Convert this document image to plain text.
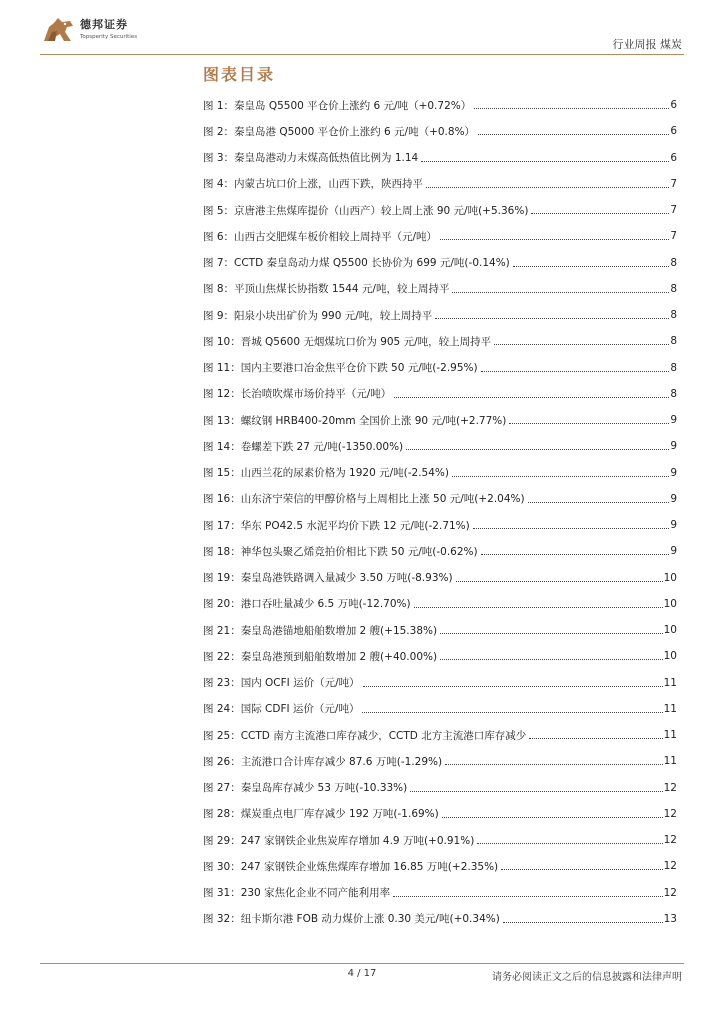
德邦证券
Topsperity Securities
行业周报 煤炭
图表目录
图 1：秦皇岛 Q5500 平仓价上涨约 6 元/吨（+0.72%）	6
图 2：秦皇岛港 Q5000 平仓价上涨约 6 元/吨（+0.8%）	6
图 3：秦皇岛港动力末煤高低热值比例为 1.14	6
图 4：内蒙古坑口价上涨，山西下跌，陕西持平	7
图 5：京唐港主焦煤库提价（山西产）较上周上涨 90 元/吨(+5.36%)	7
图 6：山西古交肥煤车板价相较上周持平（元/吨）	7
图 7：CCTD 秦皇岛动力煤 Q5500 长协价为 699 元/吨(-0.14%)	8
图 8：平顶山焦煤长协指数 1544 元/吨，较上周持平	8
图 9：阳泉小块出矿价为 990 元/吨，较上周持平	8
图 10：晋城 Q5600 无烟煤坑口价为 905 元/吨，较上周持平	8
图 11：国内主要港口冶金焦平仓价下跌 50 元/吨(-2.95%)	8
图 12：长治喷吹煤市场价持平（元/吨）	8
图 13：螺纹钢 HRB400-20mm 全国价上涨 90 元/吨(+2.77%)	9
图 14：卷螺差下跌 27 元/吨(-1350.00%)	9
图 15：山西兰花的尿素价格为 1920 元/吨(-2.54%)	9
图 16：山东济宁荣信的甲醇价格与上周相比上涨 50 元/吨(+2.04%)	9
图 17：华东 PO42.5 水泥平均价下跌 12 元/吨(-2.71%)	9
图 18：神华包头聚乙烯竞拍价相比下跌 50 元/吨(-0.62%)	9
图 19：秦皇岛港铁路调入量减少 3.50 万吨(-8.93%)	10
图 20：港口吞吐量减少 6.5 万吨(-12.70%)	10
图 21：秦皇岛港锚地船舶数增加 2 艘(+15.38%)	10
图 22：秦皇岛港预到船舶数增加 2 艘(+40.00%)	10
图 23：国内 OCFI 运价（元/吨）	11
图 24：国际 CDFI 运价（元/吨）	11
图 25：CCTD 南方主流港口库存减少，CCTD 北方主流港口库存减少	11
图 26：主流港口合计库存减少 87.6 万吨(-1.29%)	11
图 27：秦皇岛库存减少 53 万吨(-10.33%)	12
图 28：煤炭重点电厂库存减少 192 万吨(-1.69%)	12
图 29：247 家钢铁企业焦炭库存增加 4.9 万吨(+0.91%)	12
图 30：247 家钢铁企业炼焦煤库存增加 16.85 万吨(+2.35%)	12
图 31：230 家焦化企业不同产能利用率	12
图 32：纽卡斯尔港 FOB 动力煤价上涨 0.30 美元/吨(+0.34%)	13
4 / 17	请务必阅读正文之后的信息披露和法律声明
